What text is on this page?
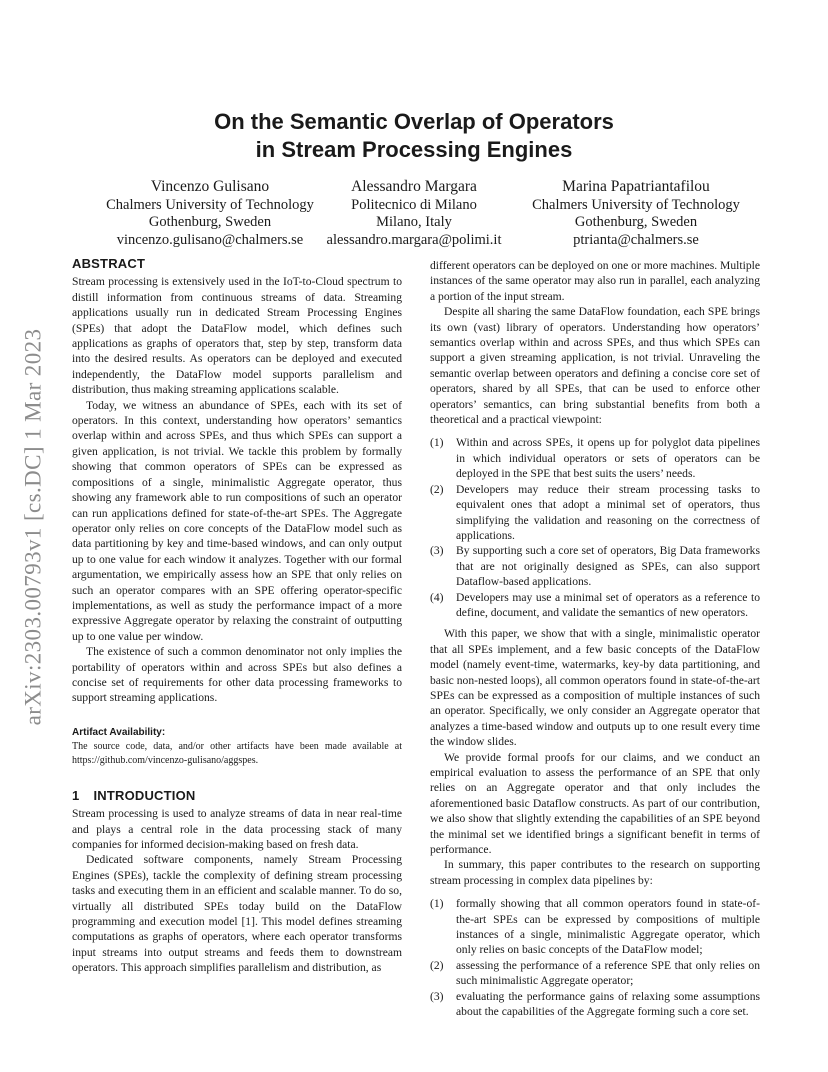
arXiv:2303.00793v1 [cs.DC] 1 Mar 2023
On the Semantic Overlap of Operators
in Stream Processing Engines
Vincenzo Gulisano
Chalmers University of Technology
Gothenburg, Sweden
vincenzo.gulisano@chalmers.se
Alessandro Margara
Politecnico di Milano
Milano, Italy
alessandro.margara@polimi.it
Marina Papatriantafilou
Chalmers University of Technology
Gothenburg, Sweden
ptrianta@chalmers.se
ABSTRACT

Stream processing is extensively used in the IoT-to-Cloud spectrum to distill information from continuous streams of data. Streaming applications usually run in dedicated Stream Processing Engines (SPEs) that adopt the DataFlow model, which defines such applications as graphs of operators that, step by step, transform data into the desired results. As operators can be deployed and executed independently, the DataFlow model supports parallelism and distribution, thus making streaming applications scalable.

Today, we witness an abundance of SPEs, each with its set of operators. In this context, understanding how operators’ semantics overlap within and across SPEs, and thus which SPEs can support a given application, is not trivial. We tackle this problem by formally showing that common operators of SPEs can be expressed as compositions of a single, minimalistic Aggregate operator, thus showing any framework able to run compositions of such an operator can run applications defined for state-of-the-art SPEs. The Aggregate operator only relies on core concepts of the DataFlow model such as data partitioning by key and time-based windows, and can only output up to one value for each window it analyzes. Together with our formal argumentation, we empirically assess how an SPE that only relies on such an operator compares with an SPE offering operator-specific implementations, as well as study the performance impact of a more expressive Aggregate operator by relaxing the constraint of outputting up to one value per window.

The existence of such a common denominator not only implies the portability of operators within and across SPEs but also defines a concise set of requirements for other data processing frameworks to support streaming applications.

Artifact Availability:
The source code, data, and/or other artifacts have been made available at https://github.com/vincenzo-gulisano/aggspes.
1 INTRODUCTION

Stream processing is used to analyze streams of data in near real-time and plays a central role in the data processing stack of many companies for informed decision-making based on fresh data.

Dedicated software components, namely Stream Processing Engines (SPEs), tackle the complexity of defining stream processing tasks and executing them in an efficient and scalable manner. To do so, virtually all distributed SPEs today build on the DataFlow programming and execution model [1]. This model defines streaming computations as graphs of operators, where each operator transforms input streams into output streams and feeds them to downstream operators. This approach simplifies parallelism and distribution, as

different operators can be deployed on one or more machines. Multiple instances of the same operator may also run in parallel, each analyzing a portion of the input stream.

Despite all sharing the same DataFlow foundation, each SPE brings its own (vast) library of operators. Understanding how operators’ semantics overlap within and across SPEs, and thus which SPEs can support a given streaming application, is not trivial. Unraveling the semantic overlap between operators and defining a concise core set of operators, shared by all SPEs, that can be used to enforce other operators’ semantics, can bring substantial benefits from both a theoretical and a practical viewpoint:

(1) Within and across SPEs, it opens up for polyglot data pipelines in which individual operators or sets of operators can be deployed in the SPE that best suits the users’ needs.
(2) Developers may reduce their stream processing tasks to equivalent ones that adopt a minimal set of operators, thus simplifying the validation and reasoning on the correctness of applications.
(3) By supporting such a core set of operators, Big Data frameworks that are not originally designed as SPEs, can also support Dataflow-based applications.
(4) Developers may use a minimal set of operators as a reference to define, document, and validate the semantics of new operators.

With this paper, we show that with a single, minimalistic operator that all SPEs implement, and a few basic concepts of the DataFlow model (namely event-time, watermarks, key-by data partitioning, and basic non-nested loops), all common operators found in state-of-the-art SPEs can be expressed as a composition of multiple instances of such an operator. Specifically, we only consider an Aggregate operator that analyzes a time-based window and outputs up to one result every time the window slides.

We provide formal proofs for our claims, and we conduct an empirical evaluation to assess the performance of an SPE that only relies on an Aggregate operator and that only includes the aforementioned basic Dataflow constructs. As part of our contribution, we also show that slightly extending the capabilities of an SPE beyond the minimal set we identified brings a significant benefit in terms of performance.

In summary, this paper contributes to the research on supporting stream processing in complex data pipelines by:

(1) formally showing that all common operators found in state-of-the-art SPEs can be expressed by compositions of multiple instances of a single, minimalistic Aggregate operator, which only relies on basic concepts of the DataFlow model;
(2) assessing the performance of a reference SPE that only relies on such minimalistic Aggregate operator;
(3) evaluating the performance gains of relaxing some assumptions about the capabilities of the Aggregate forming such a core set.
